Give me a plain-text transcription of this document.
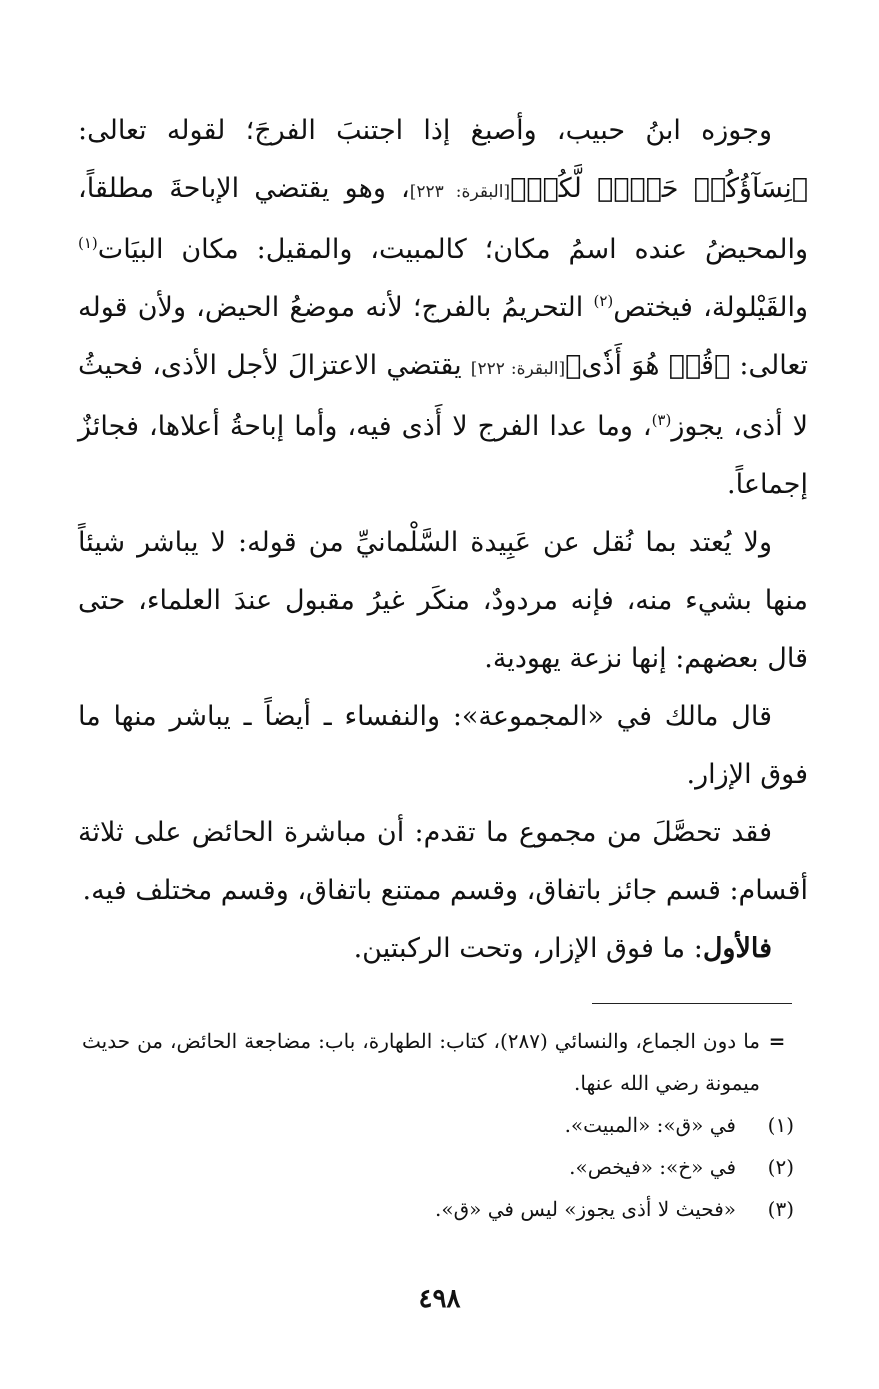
وجوزه ابنُ حبيب، وأصبغ إذا اجتنبَ الفرجَ؛ لقوله تعالى: ﴿نِسَآؤُكُمۡ حَرۡثٞ لَّكُمۡ﴾[البقرة: ٢٢٣]، وهو يقتضي الإباحةَ مطلقاً، والمحيضُ عنده اسمُ مكان؛ كالمبيت، والمقيل: مكان البيَات$^{(١)}$ والقَيْلولة، فيختص$^{(٢)}$ التحريمُ بالفرج؛ لأنه موضعُ الحيض، ولأن قوله تعالى: ﴿قُلۡ هُوَ أَذٗى﴾[البقرة: ٢٢٢] يقتضي الاعتزالَ لأجل الأذى، فحيثُ لا أذى، يجوز$^{(٣)}$، وما عدا الفرج لا أَذى فيه، وأما إباحةُ أعلاها، فجائزٌ إجماعاً.

ولا يُعتد بما نُقل عن عَبِيدة السَّلْمانيِّ من قوله: لا يباشر شيئاً منها بشيء منه، فإنه مردودٌ، منكَر غيرُ مقبول عندَ العلماء، حتى قال بعضهم: إنها نزعة يهودية.

قال مالك في «المجموعة»: والنفساء ـ أيضاً ـ يباشر منها ما فوق الإزار.

فقد تحصَّلَ من مجموع ما تقدم: أن مباشرة الحائض على ثلاثة أقسام: قسم جائز باتفاق، وقسم ممتنع باتفاق، وقسم مختلف فيه.

فالأول: ما فوق الإزار، وتحت الركبتين.

=
ما دون الجماع، والنسائي (٢٨٧)، كتاب: الطهارة، باب: مضاجعة الحائض، من حديث ميمونة رضي الله عنها.
(١)
في «ق»: «المبيت».
(٢)
في «خ»: «فيخص».
(٣)
«فحيث لا أذى يجوز» ليس في «ق».
٤٩٨
